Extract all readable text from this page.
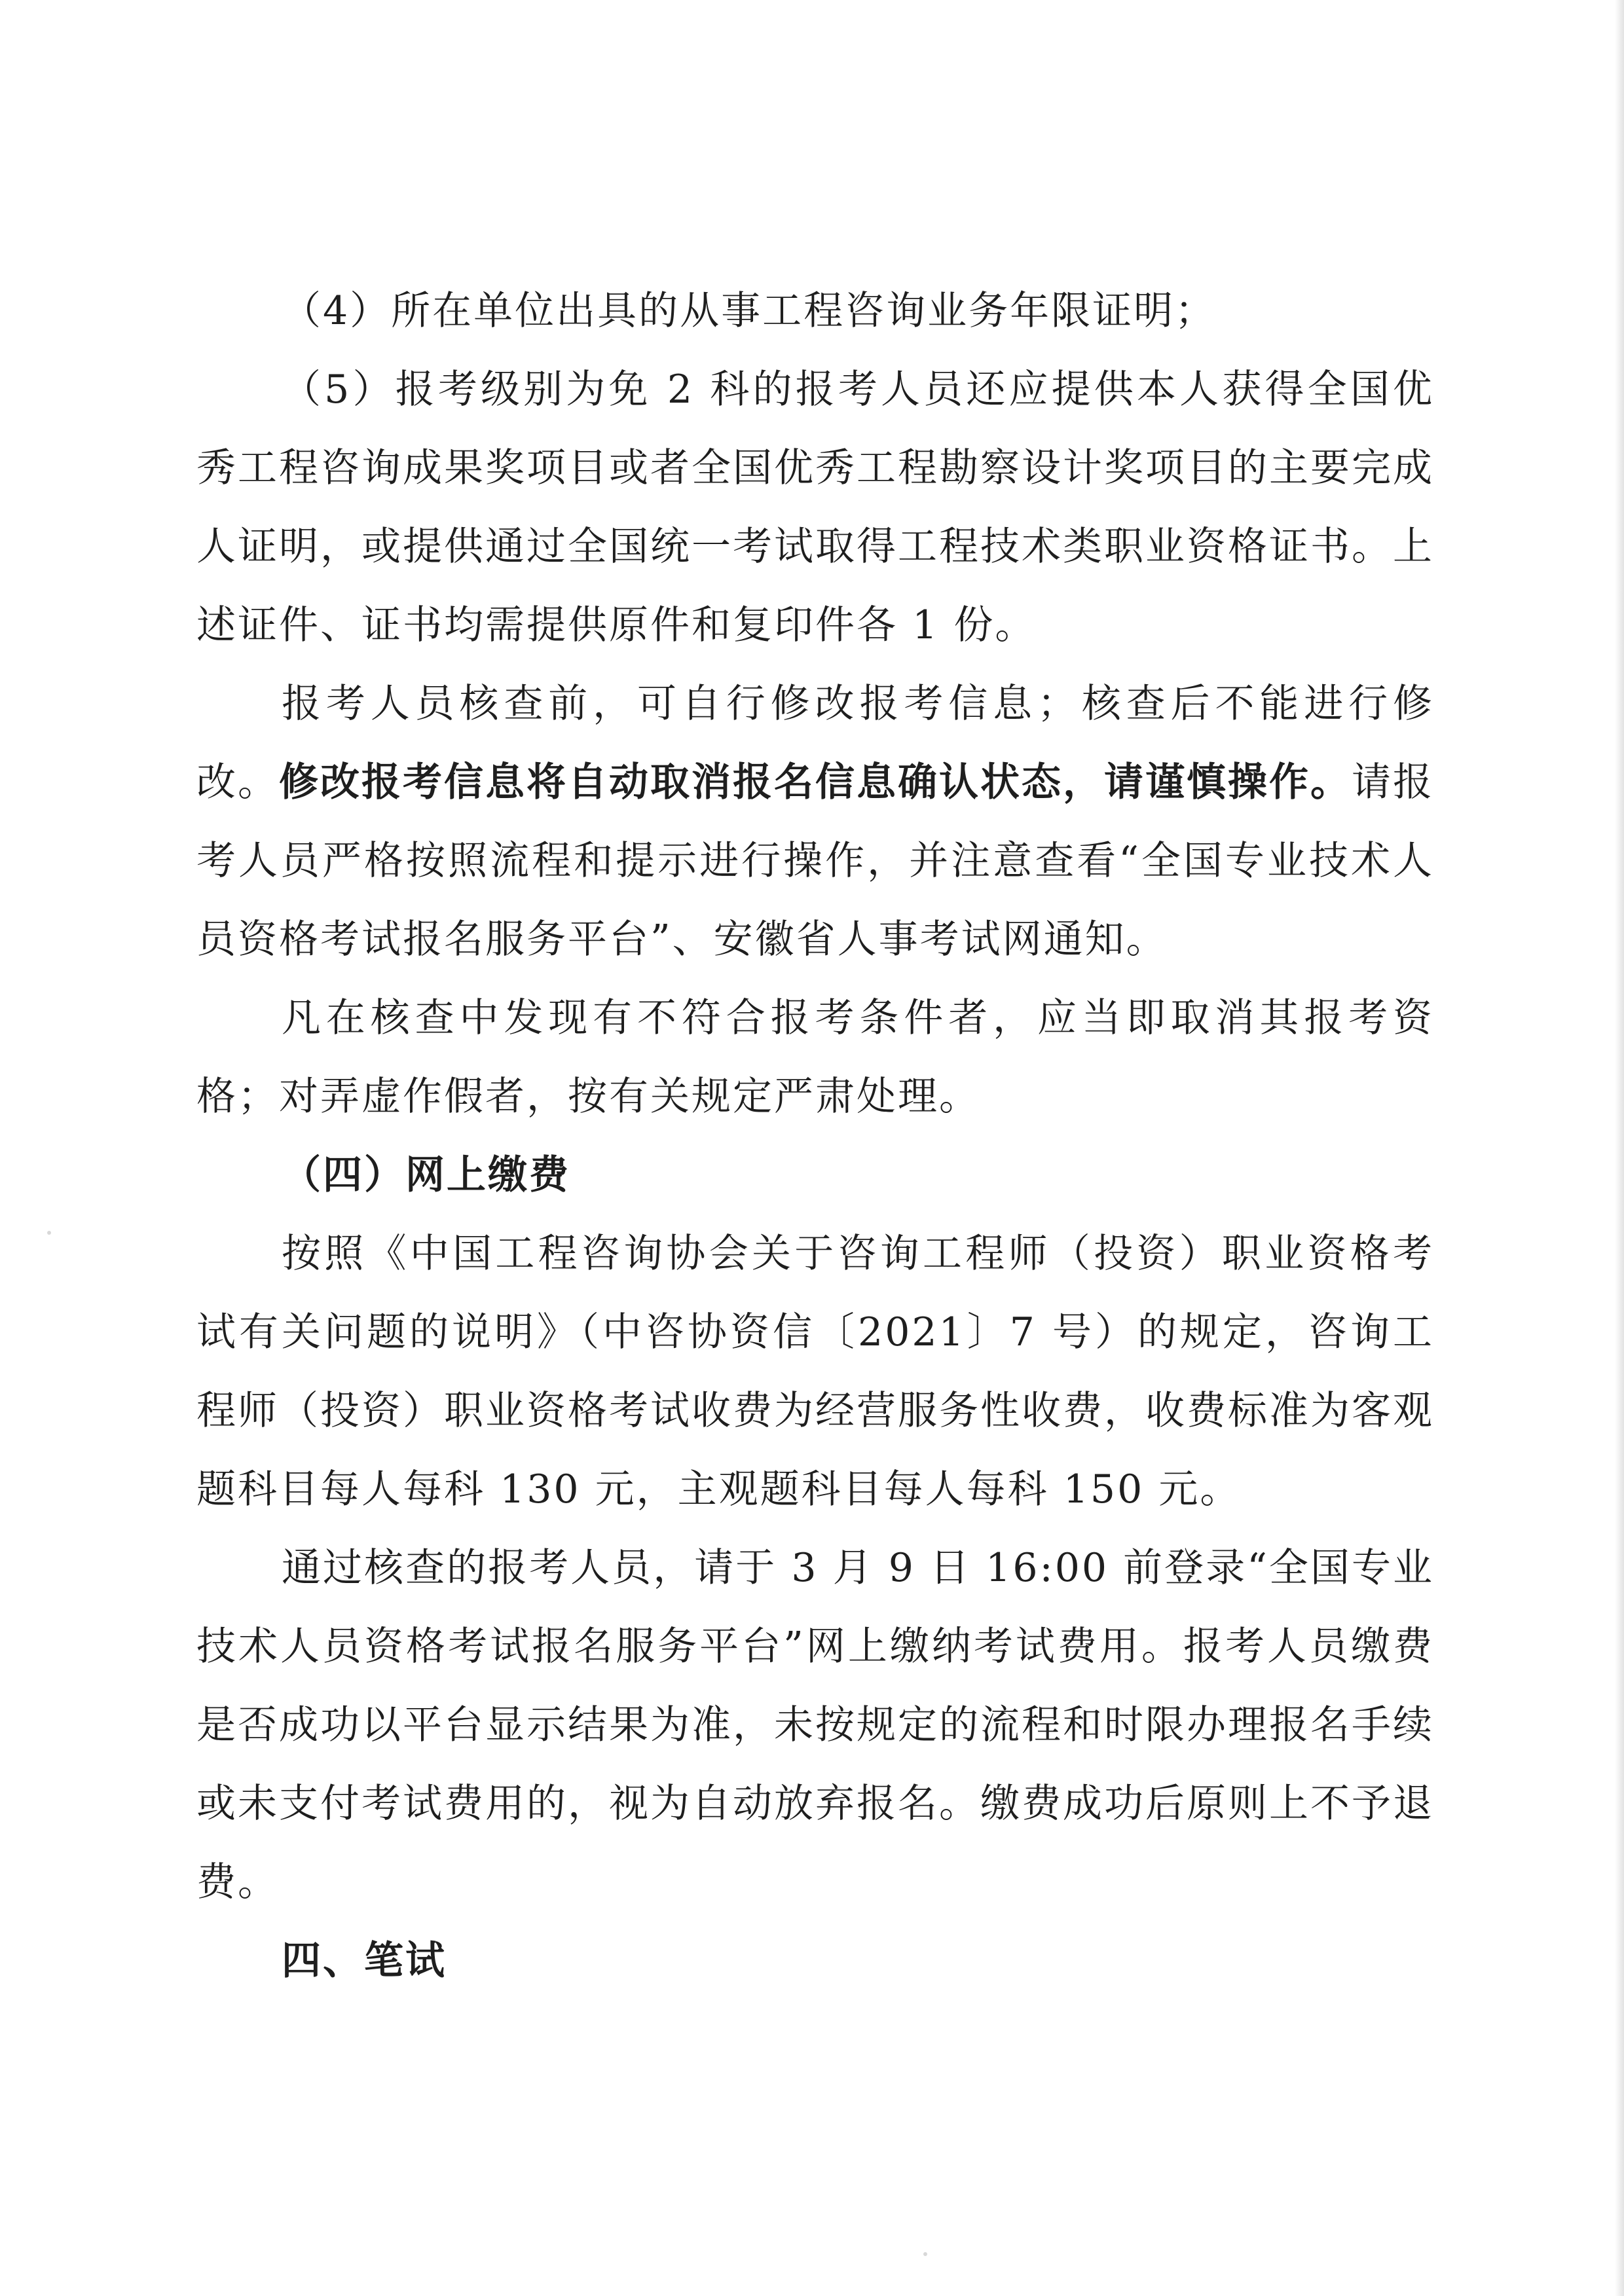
（4）所在单位出具的从事工程咨询业务年限证明；

（5）报考级别为免 2 科的报考人员还应提供本人获得全国优秀工程咨询成果奖项目或者全国优秀工程勘察设计奖项目的主要完成人证明，或提供通过全国统一考试取得工程技术类职业资格证书。上述证件、证书均需提供原件和复印件各 1 份。

报考人员核查前，可自行修改报考信息；核查后不能进行修改。修改报考信息将自动取消报名信息确认状态，请谨慎操作。请报考人员严格按照流程和提示进行操作，并注意查看“全国专业技术人员资格考试报名服务平台”、安徽省人事考试网通知。

凡在核查中发现有不符合报考条件者，应当即取消其报考资格；对弄虚作假者，按有关规定严肃处理。

（四）网上缴费

按照《中国工程咨询协会关于咨询工程师（投资）职业资格考试有关问题的说明》（中咨协资信〔2021〕7 号）的规定，咨询工程师（投资）职业资格考试收费为经营服务性收费，收费标准为客观题科目每人每科 130 元，主观题科目每人每科 150 元。

通过核查的报考人员，请于 3 月 9 日 16:00 前登录“全国专业技术人员资格考试报名服务平台”网上缴纳考试费用。报考人员缴费是否成功以平台显示结果为准，未按规定的流程和时限办理报名手续或未支付考试费用的，视为自动放弃报名。缴费成功后原则上不予退费。

四、笔试
